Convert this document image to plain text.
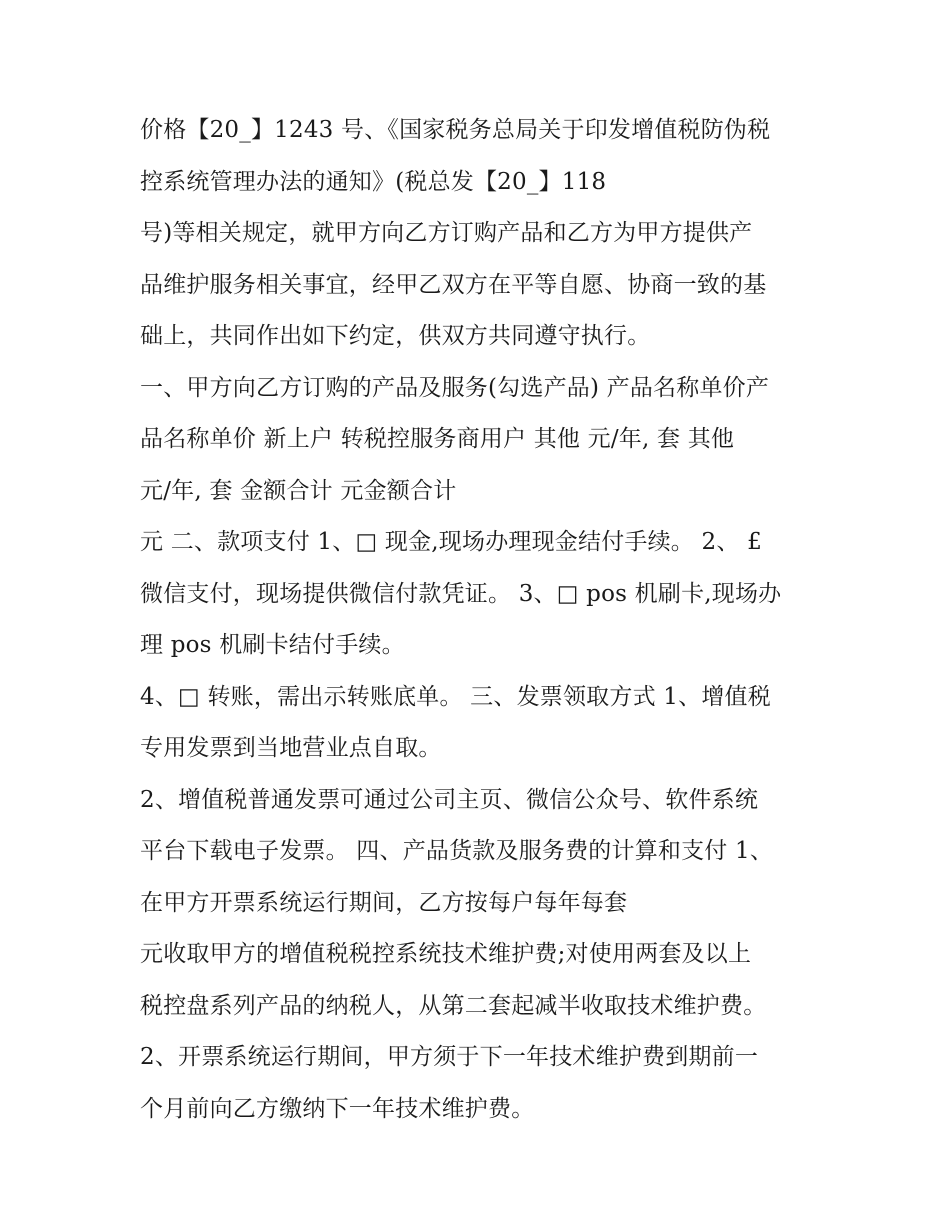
价格【20_】1243 号、《国家税务总局关于印发增值税防伪税
控系统管理办法的通知》(税总发【20_】118
号)等相关规定，就甲方向乙方订购产品和乙方为甲方提供产
品维护服务相关事宜，经甲乙双方在平等自愿、协商一致的基
础上，共同作出如下约定，供双方共同遵守执行。
一、甲方向乙方订购的产品及服务(勾选产品) 产品名称单价产
品名称单价 新上户 转税控服务商用户 其他 元/年, 套 其他
元/年, 套 金额合计 元金额合计
元 二、款项支付 1、□ 现金,现场办理现金结付手续。 2、 £
微信支付，现场提供微信付款凭证。 3、□ pos 机刷卡,现场办
理 pos 机刷卡结付手续。
4、□ 转账，需出示转账底单。 三、发票领取方式 1、增值税
专用发票到当地营业点自取。
2、增值税普通发票可通过公司主页、微信公众号、软件系统
平台下载电子发票。 四、产品货款及服务费的计算和支付 1、
在甲方开票系统运行期间，乙方按每户每年每套
元收取甲方的增值税税控系统技术维护费;对使用两套及以上
税控盘系列产品的纳税人，从第二套起减半收取技术维护费。
2、开票系统运行期间，甲方须于下一年技术维护费到期前一
个月前向乙方缴纳下一年技术维护费。
